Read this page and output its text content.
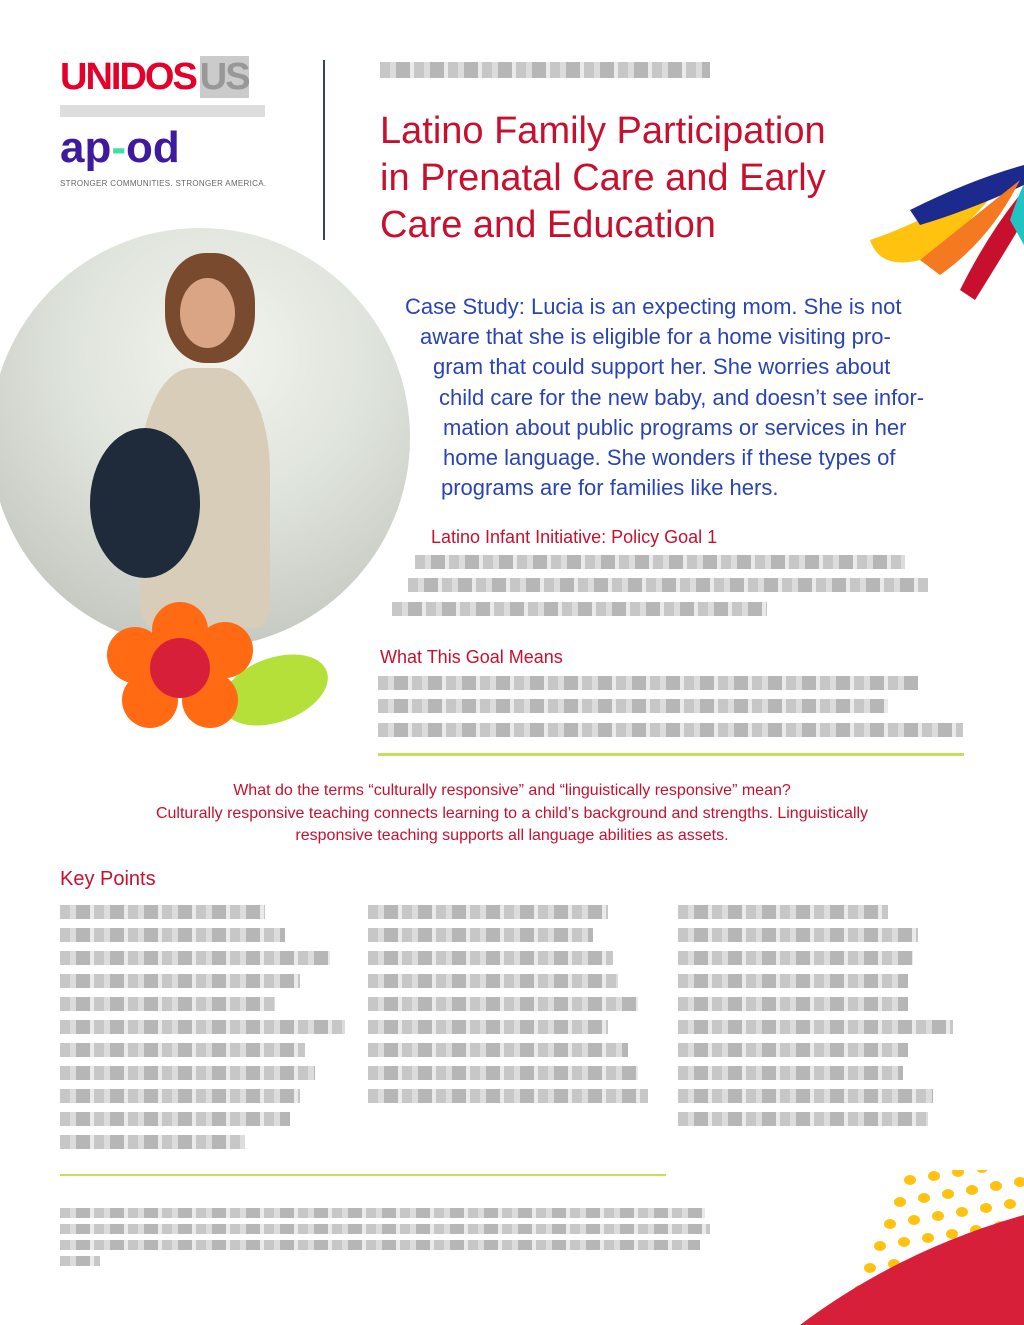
UNIDOS US
ap-od
STRONGER COMMUNITIES. STRONGER AMERICA.
Latino Family Participation
in Prenatal Care and Early
Care and Education
Case Study: Lucia is an expecting mom. She is not
aware that she is eligible for a home visiting pro-
gram that could support her. She worries about
child care for the new baby, and doesn’t see infor-
mation about public programs or services in her
home language. She wonders if these types of
programs are for families like hers.
Latino Infant Initiative: Policy Goal 1
What This Goal Means
What do the terms “culturally responsive” and “linguistically responsive” mean?
Culturally responsive teaching connects learning to a child’s background and strengths. Linguistically
responsive teaching supports all language abilities as assets.
Key Points
